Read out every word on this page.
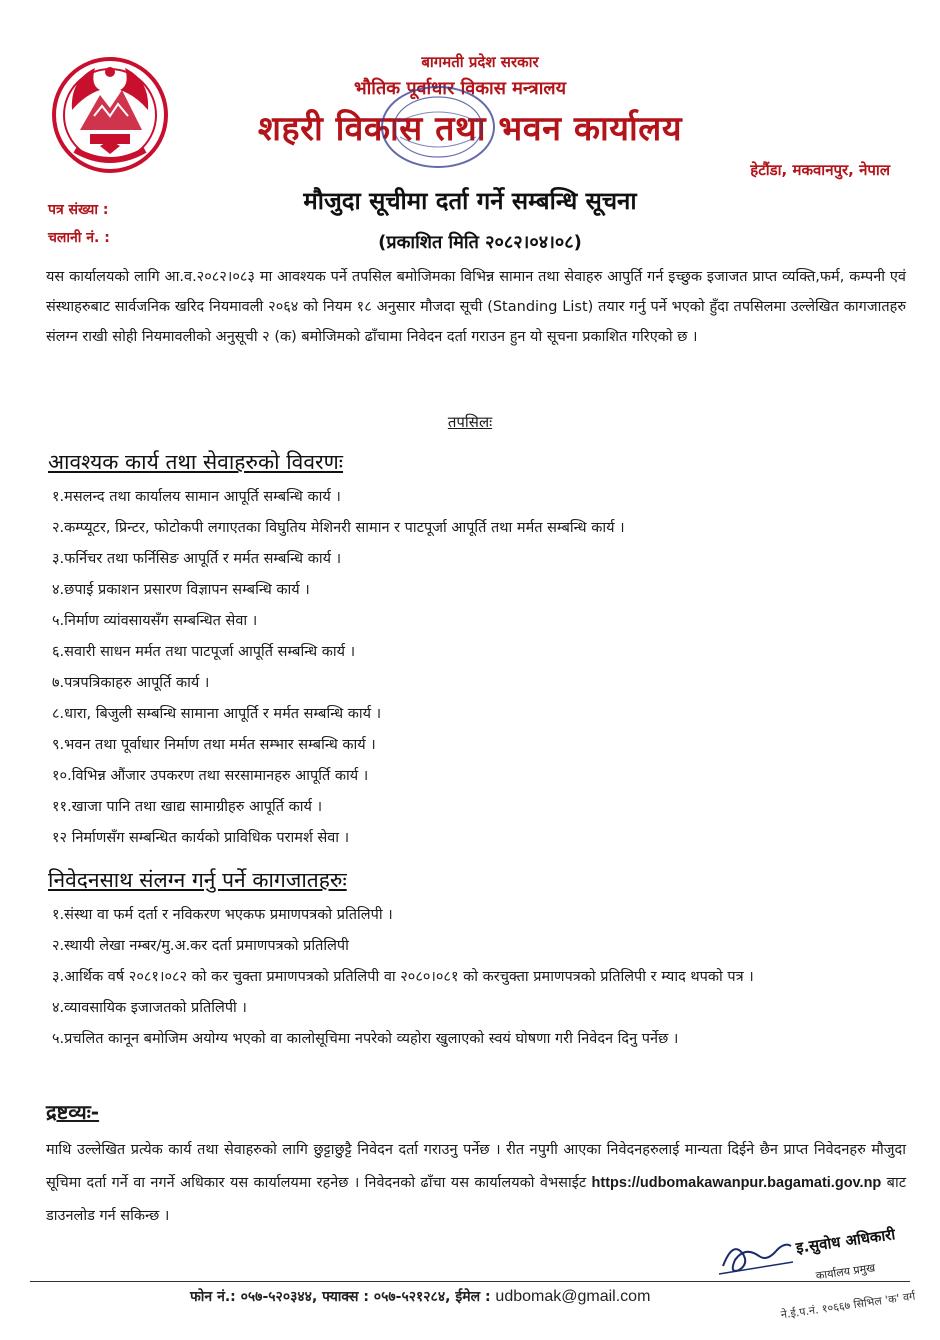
बागमती प्रदेश सरकार
भौतिक पूर्वाधार विकास मन्त्रालय
शहरी विकास तथा भवन कार्यालय
हेटौंडा, मकवानपुर, नेपाल
पत्र संख्या :
चलानी नं. :
मौजुदा सूचीमा दर्ता गर्ने सम्बन्धि सूचना
(प्रकाशित मिति २०८२।०४।०८)

यस कार्यालयको लागि आ.व.२०८२।०८३ मा आवश्यक पर्ने तपसिल बमोजिमका विभिन्न सामान तथा सेवाहरु आपुर्ति गर्न इच्छुक इजाजत प्राप्त व्यक्ति,फर्म, कम्पनी एवं संस्थाहरुबाट सार्वजनिक खरिद नियमावली २०६४ को नियम १८ अनुसार मौजदा सूची (Standing List) तयार गर्नु पर्ने भएको हुँदा तपसिलमा उल्लेखित कागजातहरु संलग्न राखी सोही नियमावलीको अनुसूची २ (क) बमोजिमको ढाँचामा निवेदन दर्ता गराउन हुन यो सूचना प्रकाशित गरिएको छ ।

तपसिलः
आवश्यक कार्य तथा सेवाहरुको विवरणः
१.मसलन्द तथा कार्यालय सामान आपूर्ति सम्बन्धि कार्य ।
२.कम्प्यूटर, प्रिन्टर, फोटोकपी लगाएतका विघुतिय मेशिनरी सामान र पाटपूर्जा आपूर्ति तथा मर्मत सम्बन्धि कार्य ।
३.फर्निचर तथा फर्निसिङ आपूर्ति र मर्मत सम्बन्धि कार्य ।
४.छपाई प्रकाशन प्रसारण विज्ञापन सम्बन्धि कार्य ।
५.निर्माण व्यांवसायसँग सम्बन्धित सेवा ।
६.सवारी साधन मर्मत तथा पाटपूर्जा आपूर्ति सम्बन्धि कार्य ।
७.पत्रपत्रिकाहरु आपूर्ति कार्य ।
८.धारा, बिजुली सम्बन्धि सामाना आपूर्ति र मर्मत सम्बन्धि कार्य ।
९.भवन तथा पूर्वाधार निर्माण तथा मर्मत सम्भार सम्बन्धि कार्य ।
१०.विभिन्न औंजार उपकरण तथा सरसामानहरु आपूर्ति कार्य ।
११.खाजा पानि तथा खाद्य सामाग्रीहरु आपूर्ति कार्य ।
१२ निर्माणसँग सम्बन्धित कार्यको प्राविधिक परामर्श सेवा ।
निवेदनसाथ संलग्न गर्नु पर्ने कागजातहरुः
१.संस्था वा फर्म दर्ता र नविकरण भएकफ प्रमाणपत्रको प्रतिलिपी ।
२.स्थायी लेखा नम्बर/मु.अ.कर दर्ता प्रमाणपत्रको प्रतिलिपी
३.आर्थिक वर्ष २०८१।०८२ को कर चुक्ता प्रमाणपत्रको प्रतिलिपी वा २०८०।०८१ को करचुक्ता प्रमाणपत्रको प्रतिलिपी र म्याद थपको पत्र ।
४.व्यावसायिक इजाजतको प्रतिलिपी ।
५.प्रचलित कानून बमोजिम अयोग्य भएको वा कालोसूचिमा नपरेको व्यहोरा खुलाएको स्वयं घोषणा गरी निवेदन दिनु पर्नेछ ।
द्रष्टव्यः-

माथि उल्लेखित प्रत्येक कार्य तथा सेवाहरुको लागि छुट्टाछुट्टै निवेदन दर्ता गराउनु पर्नेछ । रीत नपुगी आएका निवेदनहरुलाई मान्यता दिईने छैन प्राप्त निवेदनहरु मौजुदा सूचिमा दर्ता गर्ने वा नगर्ने अधिकार यस कार्यालयमा रहनेछ । निवेदनको ढाँचा यस कार्यालयको वेभसाईट https://udbomakawanpur.bagamati.gov.np बाट डाउनलोड गर्न सकिन्छ ।

इ.सुवोध अधिकारी
कार्यालय प्रमुख
फोन नं.: ०५७-५२०३४४, फ्याक्स : ०५७-५२१२८४, ईमेल : udbomak@gmail.com	ने.ई.प.नं. १०६६७ सिभिल 'क' वर्ग
